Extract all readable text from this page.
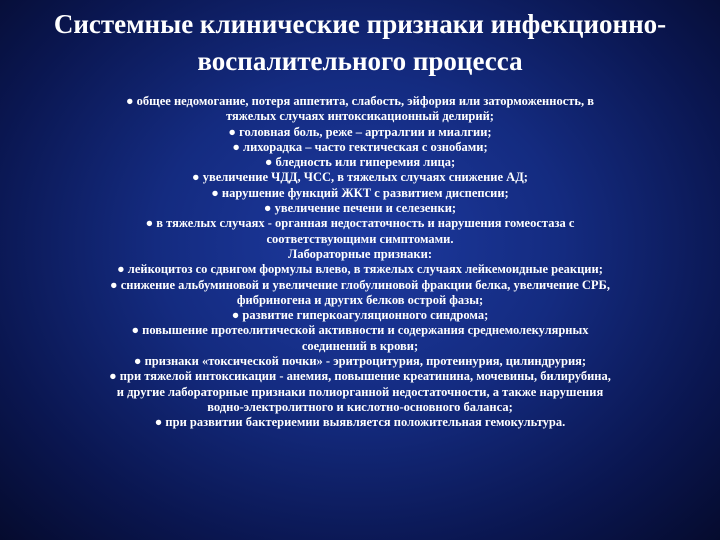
Системные клинические признаки инфекционно-
воспалительного процесса

● общее недомогание, потеря аппетита, слабость, эйфория или заторможенность, в
тяжелых случаях интоксикационный делирий;

● головная боль, реже – артралгии и миалгии;

● лихорадка – часто гектическая с ознобами;

● бледность или гиперемия лица;

● увеличение ЧДД, ЧСС, в тяжелых случаях снижение АД;

● нарушение функций ЖКТ с развитием диспепсии;

● увеличение печени и селезенки;

● в тяжелых случаях - органная недостаточность и нарушения гомеостаза с
соответствующими симптомами.

Лабораторные признаки:

● лейкоцитоз со сдвигом формулы влево, в тяжелых случаях лейкемоидные реакции;

● снижение альбуминовой и увеличение глобулиновой фракции белка, увеличение СРБ,
фибриногена и других белков острой фазы;

● развитие гиперкоагуляционного синдрома;

● повышение протеолитической активности и содержания среднемолекулярных
соединений в крови;

● признаки «токсической почки» - эритроцитурия, протеинурия, цилиндрурия;

● при тяжелой интоксикации - анемия, повышение креатинина, мочевины, билирубина,
и другие лабораторные признаки полиорганной недостаточности, а также нарушения
водно-электролитного и кислотно-основного баланса;

● при развитии бактериемии выявляется положительная гемокультура.
